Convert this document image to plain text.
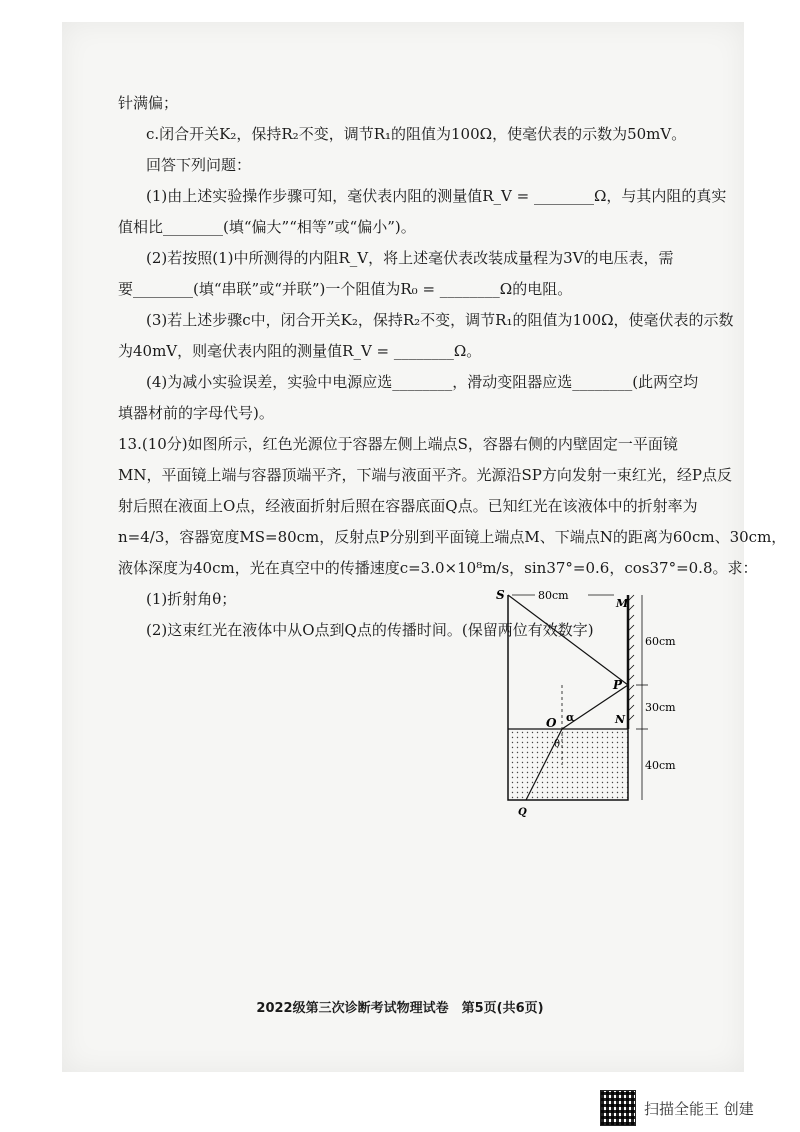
针满偏；
c.闭合开关K₂，保持R₂不变，调节R₁的阻值为100Ω，使毫伏表的示数为50mV。
回答下列问题：
(1)由上述实验操作步骤可知，毫伏表内阻的测量值R_V = ________Ω，与其内阻的真实
值相比________(填“偏大”“相等”或“偏小”)。
(2)若按照(1)中所测得的内阻R_V，将上述毫伏表改装成量程为3V的电压表，需
要________(填“串联”或“并联”)一个阻值为R₀ = ________Ω的电阻。
(3)若上述步骤c中，闭合开关K₂，保持R₂不变，调节R₁的阻值为100Ω，使毫伏表的示数
为40mV，则毫伏表内阻的测量值R_V = ________Ω。
(4)为减小实验误差，实验中电源应选________，滑动变阻器应选________(此两空均
填器材前的字母代号)。
13.(10分)如图所示，红色光源位于容器左侧上端点S，容器右侧的内壁固定一平面镜
MN，平面镜上端与容器顶端平齐，下端与液面平齐。光源沿SP方向发射一束红光，经P点反
射后照在液面上O点，经液面折射后照在容器底面Q点。已知红光在该液体中的折射率为
n=4/3，容器宽度MS=80cm，反射点P分别到平面镜上端点M、下端点N的距离为60cm、30cm，
液体深度为40cm，光在真空中的传播速度c=3.0×10⁸m/s，sin37°=0.6，cos37°=0.8。求：
(1)折射角θ；
(2)这束红光在液体中从O点到Q点的传播时间。(保留两位有效数字)
S
M
P
N
O
Q
α
θ
80cm
60cm
30cm
40cm
2022级第三次诊断考试物理试卷　第5页(共6页)
扫描全能王 创建
